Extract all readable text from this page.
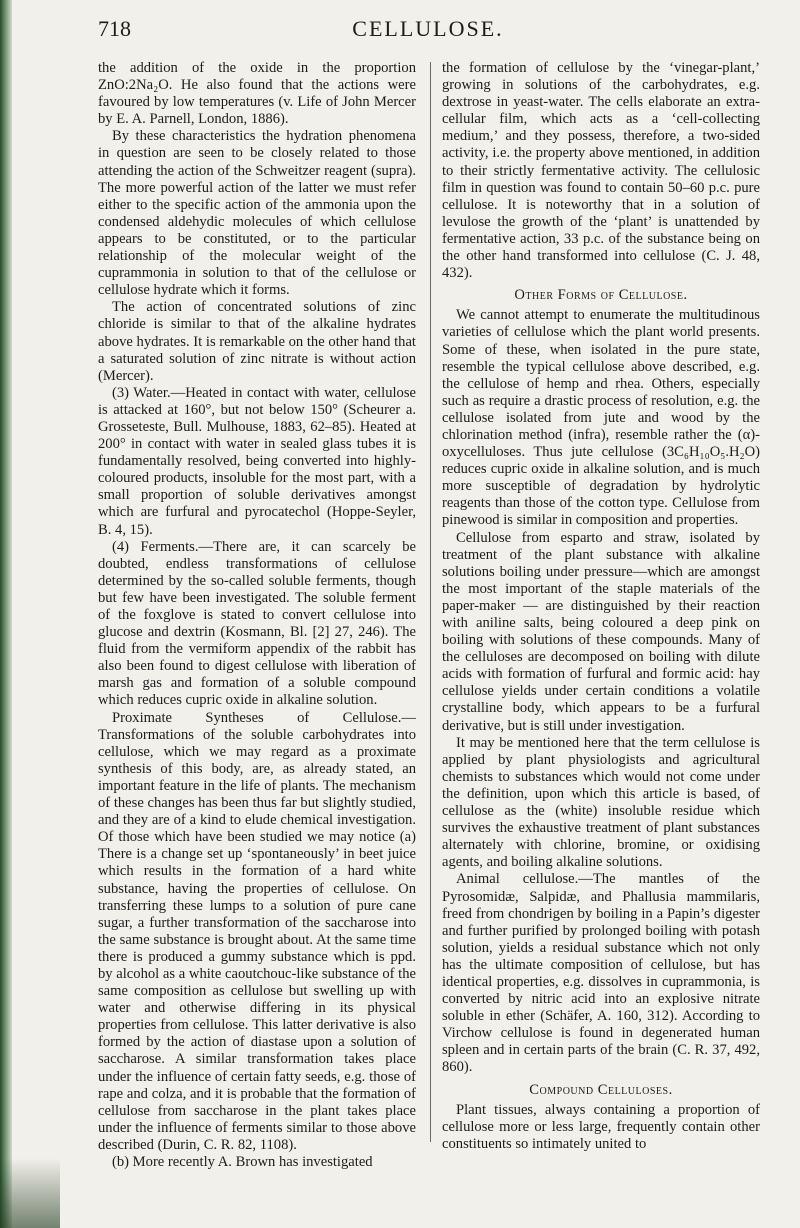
CELLULOSE.
718

the addition of the oxide in the proportion ZnO:2Na₂O. He also found that the actions were favoured by low temperatures (v. Life of John Mercer by E. A. Parnell, London, 1886).

By these characteristics the hydration phenomena in question are seen to be closely related to those attending the action of the Schweitzer reagent (supra). The more powerful action of the latter we must refer either to the specific action of the ammonia upon the condensed aldehydic molecules of which cellulose appears to be constituted, or to the particular relationship of the molecular weight of the cuprammonia in solution to that of the cellulose or cellulose hydrate which it forms.

The action of concentrated solutions of zinc chloride is similar to that of the alkaline hydrates above hydrates. It is remarkable on the other hand that a saturated solution of zinc nitrate is without action (Mercer).

(3) Water.—Heated in contact with water, cellulose is attacked at 160°, but not below 150° (Scheurer a. Grosseteste, Bull. Mulhouse, 1883, 62–85). Heated at 200° in contact with water in sealed glass tubes it is fundamentally resolved, being converted into highly-coloured products, insoluble for the most part, with a small proportion of soluble derivatives amongst which are furfural and pyrocatechol (Hoppe-Seyler, B. 4, 15).

(4) Ferments.—There are, it can scarcely be doubted, endless transformations of cellulose determined by the so-called soluble ferments, though but few have been investigated. The soluble ferment of the foxglove is stated to convert cellulose into glucose and dextrin (Kosmann, Bl. [2] 27, 246). The fluid from the vermiform appendix of the rabbit has also been found to digest cellulose with liberation of marsh gas and formation of a soluble compound which reduces cupric oxide in alkaline solution.

Proximate Syntheses of Cellulose.—Transformations of the soluble carbohydrates into cellulose, which we may regard as a proximate synthesis of this body, are, as already stated, an important feature in the life of plants. The mechanism of these changes has been thus far but slightly studied, and they are of a kind to elude chemical investigation. Of those which have been studied we may notice (a) There is a change set up ‘spontaneously’ in beet juice which results in the formation of a hard white substance, having the properties of cellulose. On transferring these lumps to a solution of pure cane sugar, a further transformation of the saccharose into the same substance is brought about. At the same time there is produced a gummy substance which is ppd. by alcohol as a white caoutchouc-like substance of the same composition as cellulose but swelling up with water and otherwise differing in its physical properties from cellulose. This latter derivative is also formed by the action of diastase upon a solution of saccharose. A similar transformation takes place under the influence of certain fatty seeds, e.g. those of rape and colza, and it is probable that the formation of cellulose from saccharose in the plant takes place under the influence of ferments similar to those above described (Durin, C. R. 82, 1108).

(b) More recently A. Brown has investigated

the formation of cellulose by the ‘vinegar-plant,’ growing in solutions of the carbohydrates, e.g. dextrose in yeast-water. The cells elaborate an extra-cellular film, which acts as a ‘cell-collecting medium,’ and they possess, therefore, a two-sided activity, i.e. the property above mentioned, in addition to their strictly fermentative activity. The cellulosic film in question was found to contain 50–60 p.c. pure cellulose. It is noteworthy that in a solution of levulose the growth of the ‘plant’ is unattended by fermentative action, 33 p.c. of the substance being on the other hand transformed into cellulose (C. J. 48, 432).

Other Forms of Cellulose.

We cannot attempt to enumerate the multitudinous varieties of cellulose which the plant world presents. Some of these, when isolated in the pure state, resemble the typical cellulose above described, e.g. the cellulose of hemp and rhea. Others, especially such as require a drastic process of resolution, e.g. the cellulose isolated from jute and wood by the chlorination method (infra), resemble rather the (α)-oxycelluloses. Thus jute cellulose (3C₆H₁₀O₅.H₂O) reduces cupric oxide in alkaline solution, and is much more susceptible of degradation by hydrolytic reagents than those of the cotton type. Cellulose from pinewood is similar in composition and properties.

Cellulose from esparto and straw, isolated by treatment of the plant substance with alkaline solutions boiling under pressure—which are amongst the most important of the staple materials of the paper-maker — are distinguished by their reaction with aniline salts, being coloured a deep pink on boiling with solutions of these compounds. Many of the celluloses are decomposed on boiling with dilute acids with formation of furfural and formic acid: hay cellulose yields under certain conditions a volatile crystalline body, which appears to be a furfural derivative, but is still under investigation.

It may be mentioned here that the term cellulose is applied by plant physiologists and agricultural chemists to substances which would not come under the definition, upon which this article is based, of cellulose as the (white) insoluble residue which survives the exhaustive treatment of plant substances alternately with chlorine, bromine, or oxidising agents, and boiling alkaline solutions.

Animal cellulose.—The mantles of the Pyrosomidæ, Salpidæ, and Phallusia mammilaris, freed from chondrigen by boiling in a Papin’s digester and further purified by prolonged boiling with potash solution, yields a residual substance which not only has the ultimate composition of cellulose, but has identical properties, e.g. dissolves in cuprammonia, is converted by nitric acid into an explosive nitrate soluble in ether (Schäfer, A. 160, 312). According to Virchow cellulose is found in degenerated human spleen and in certain parts of the brain (C. R. 37, 492, 860).

Compound Celluloses.

Plant tissues, always containing a proportion of cellulose more or less large, frequently contain other constituents so intimately united to
